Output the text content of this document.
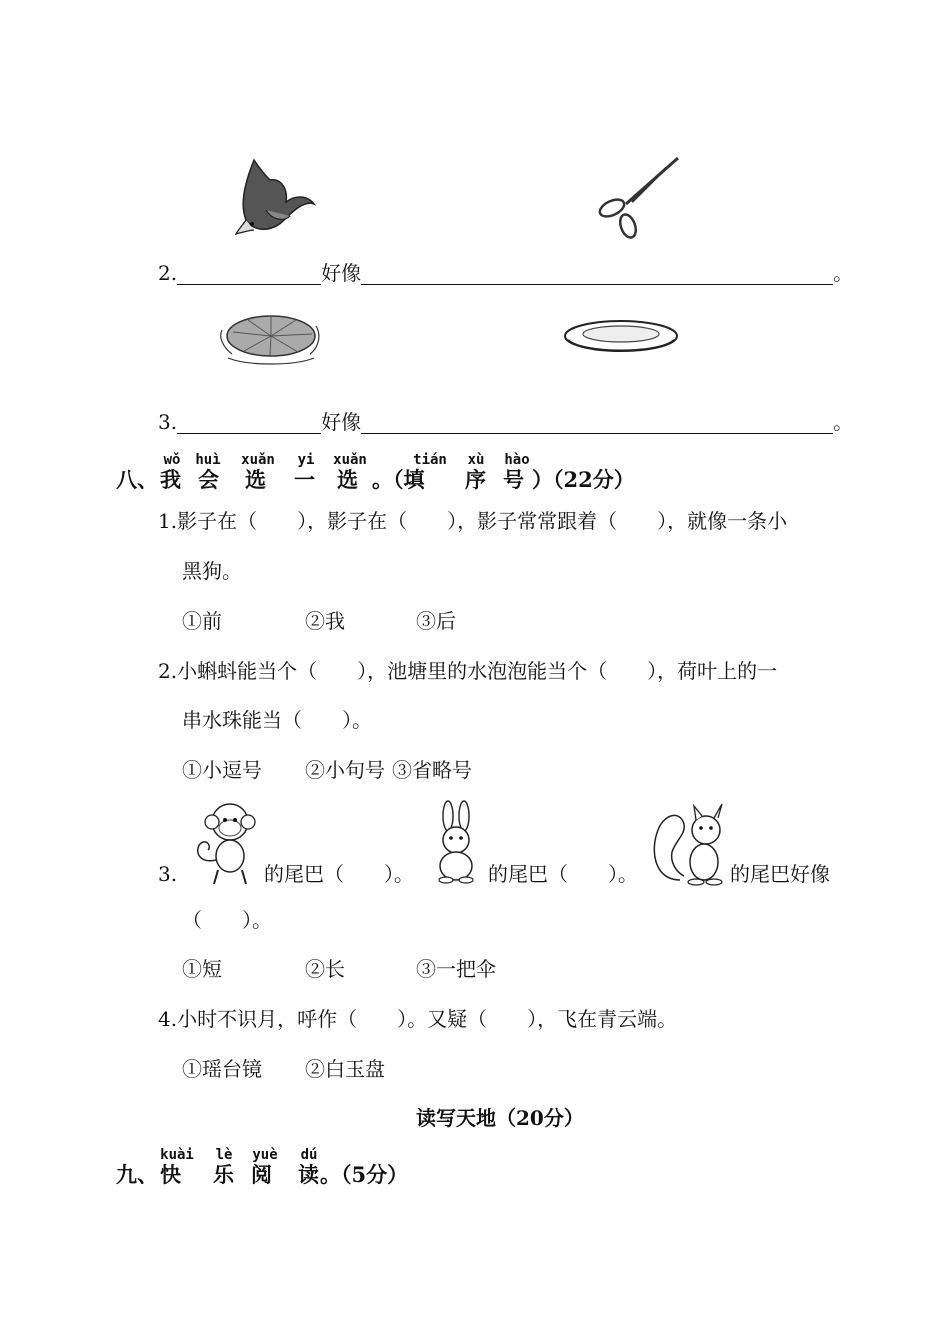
2.	好像	。
3.	好像	。
wǒ	huì xuǎn	yi	xuǎn	tián	xù	hào
八、 我 会 选 一 选 。（填 序 号 ）（22分）
1.影子在（　　），影子在（　　），影子常常跟着（　　），就像一条小
黑狗。
①前	②我	③后
2.小蝌蚪能当个（　　），池塘里的水泡泡能当个（　　），荷叶上的一
串水珠能当（　　）。
①小逗号 ②小句号 ③省略号
3.	的尾巴（　　）。	的尾巴（　　）。	的尾巴好像
（　　）。
①短	②长	③一把伞
4.小时不识月，呼作（　　）。又疑（　　），飞在青云端。
①瑶台镜 ②白玉盘
读写天地（20分）
kuài	lè	yuè	dú
九、 快 乐 阅 读 。（5分）
